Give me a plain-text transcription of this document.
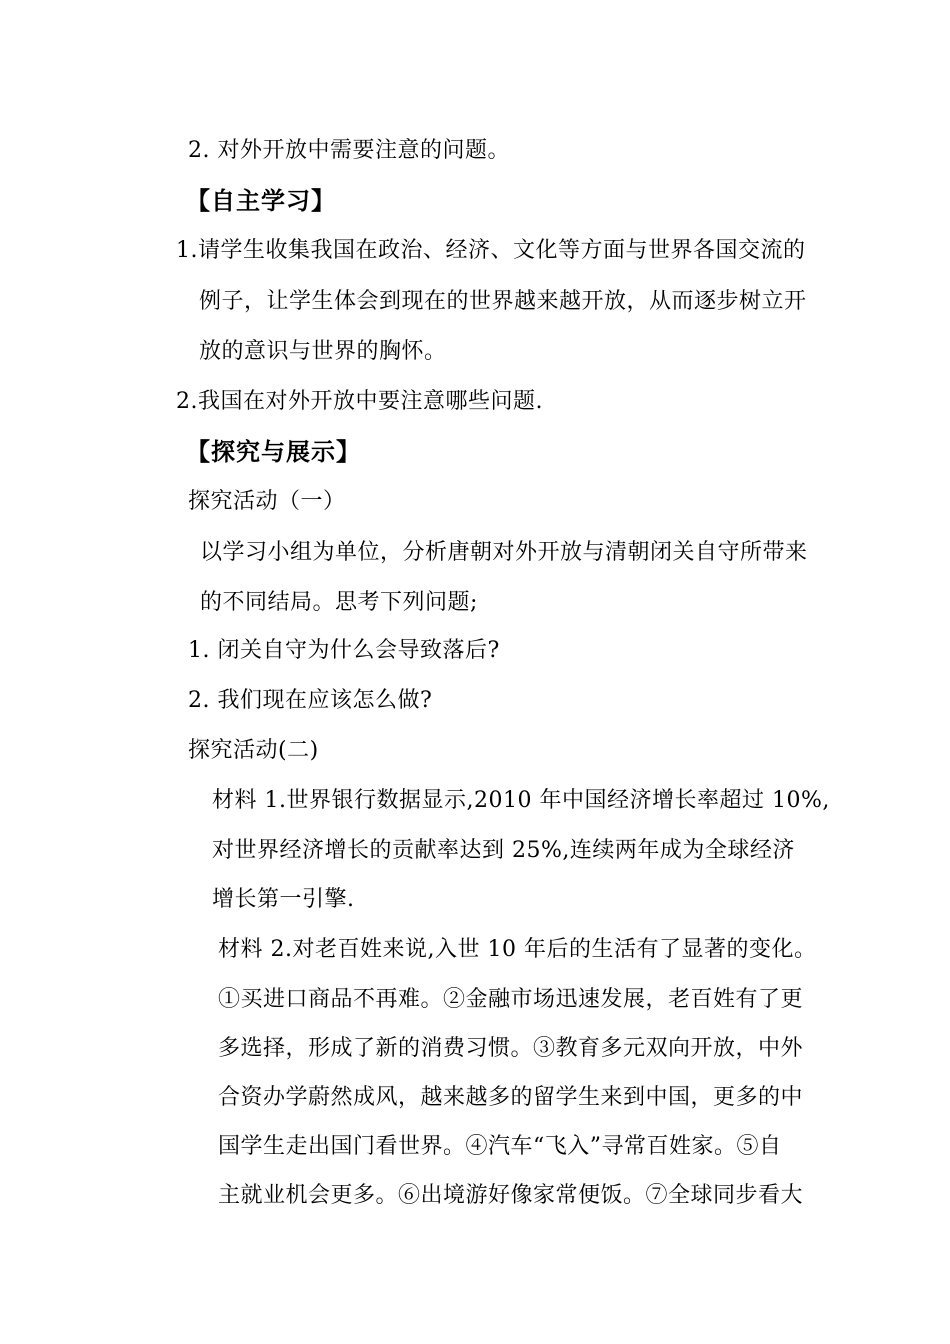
2. 对外开放中需要注意的问题。
【自主学习】
1.请学生收集我国在政治、经济、文化等方面与世界各国交流的
例子，让学生体会到现在的世界越来越开放，从而逐步树立开
放的意识与世界的胸怀。
2.我国在对外开放中要注意哪些问题.
【探究与展示】
探究活动（一）
以学习小组为单位，分析唐朝对外开放与清朝闭关自守所带来
的不同结局。思考下列问题;
1. 闭关自守为什么会导致落后?
2. 我们现在应该怎么做?
探究活动(二)
材料 1.世界银行数据显示,2010 年中国经济增长率超过 10%,
对世界经济增长的贡献率达到 25%,连续两年成为全球经济
增长第一引擎.
材料 2.对老百姓来说,入世 10 年后的生活有了显著的变化。
①买进口商品不再难。②金融市场迅速发展，老百姓有了更
多选择，形成了新的消费习惯。③教育多元双向开放，中外
合资办学蔚然成风，越来越多的留学生来到中国，更多的中
国学生走出国门看世界。④汽车“飞入”寻常百姓家。⑤自
主就业机会更多。⑥出境游好像家常便饭。⑦全球同步看大
